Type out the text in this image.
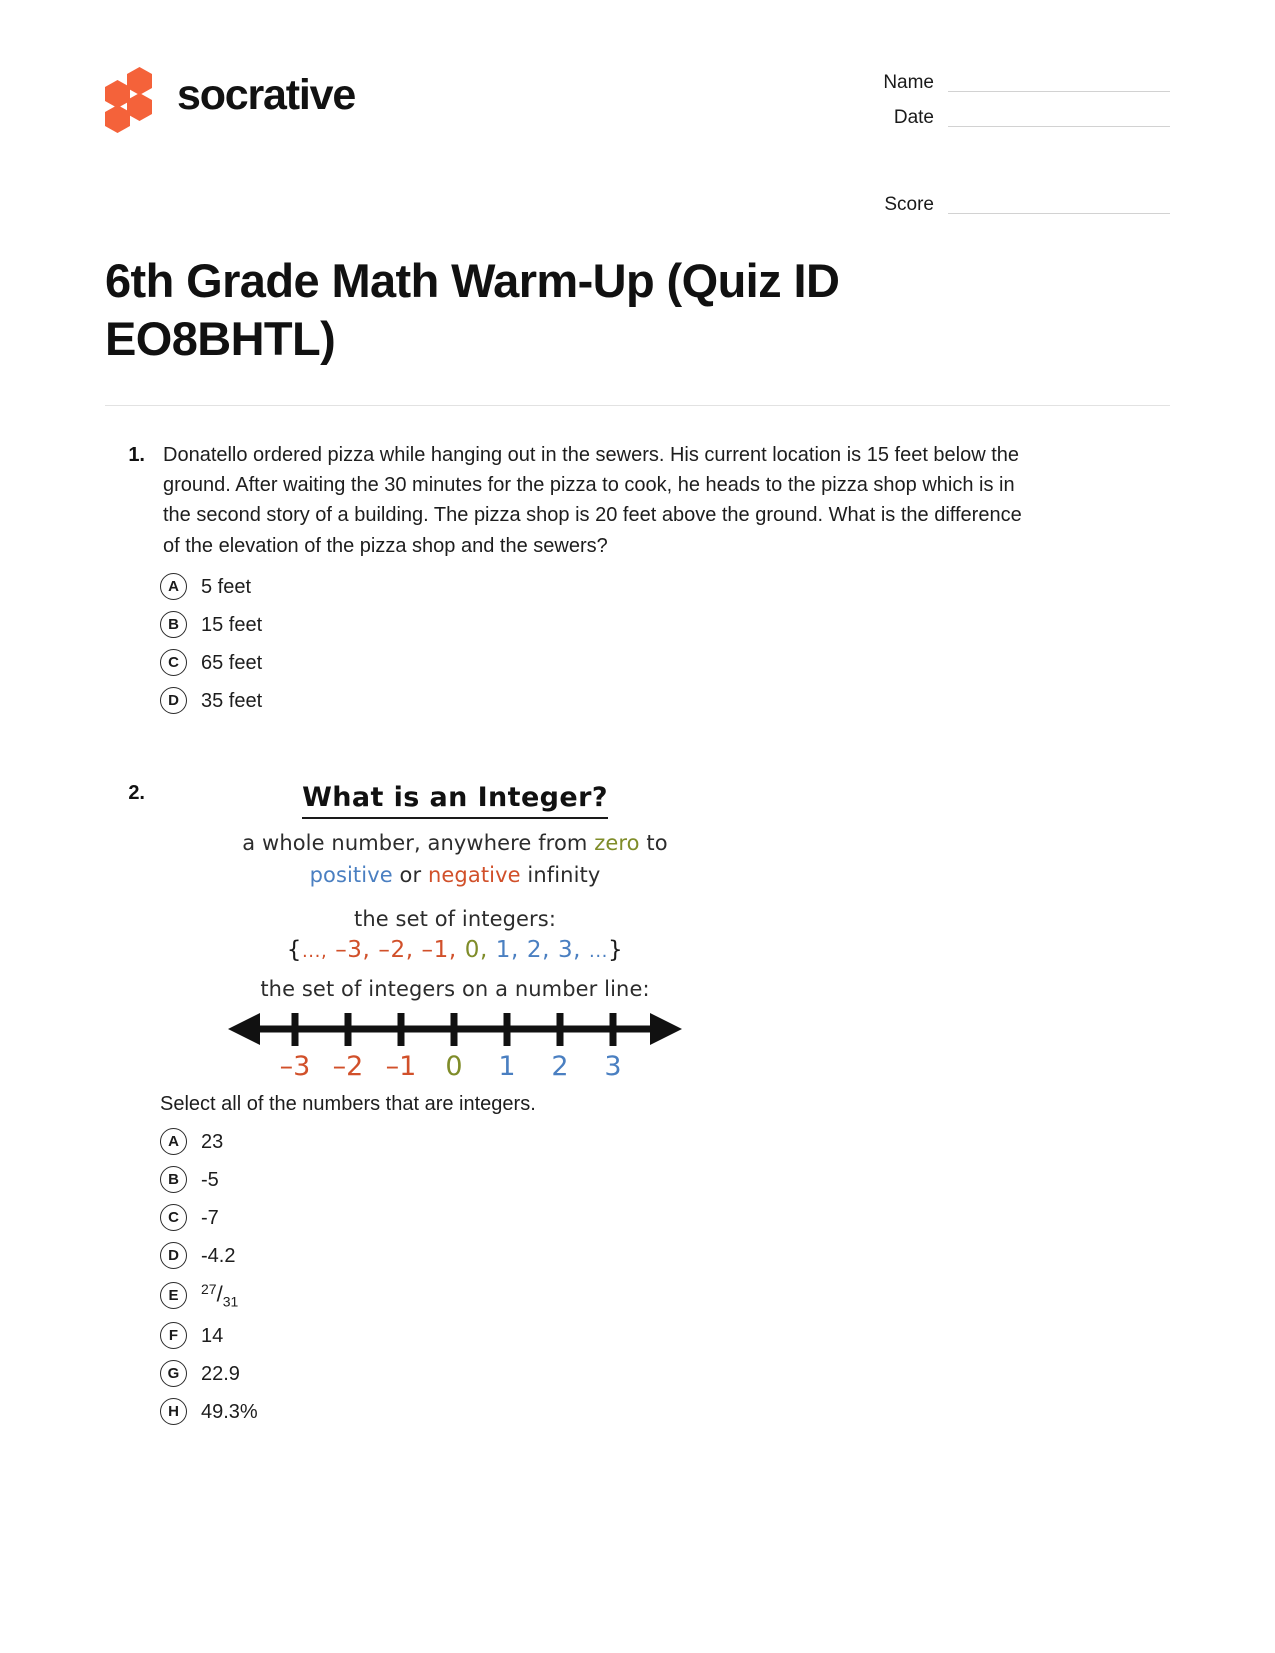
socrative	Name
Date
Score
6th Grade Math Warm-Up (Quiz ID EO8BHTL)
1. Donatello ordered pizza while hanging out in the sewers. His current location is 15 feet below the ground. After waiting the 30 minutes for the pizza to cook, he heads to the pizza shop which is in the second story of a building. The pizza shop is 20 feet above the ground. What is the difference of the elevation of the pizza shop and the sewers?
A	5 feet
B	15 feet
C	65 feet
D	35 feet
2.	What is an Integer?
a whole number, anywhere from zero to
positive or negative infinity
the set of integers:
{..., –3, –2, –1, 0, 1, 2, 3, ...}
the set of integers on a number line:
–3 –2 –1 0 1 2 3
Select all of the numbers that are integers.
A	23
B	-5
C	-7
D	-4.2
E	$^{27}/_{31}$
F	14
G	22.9
H	49.3%
